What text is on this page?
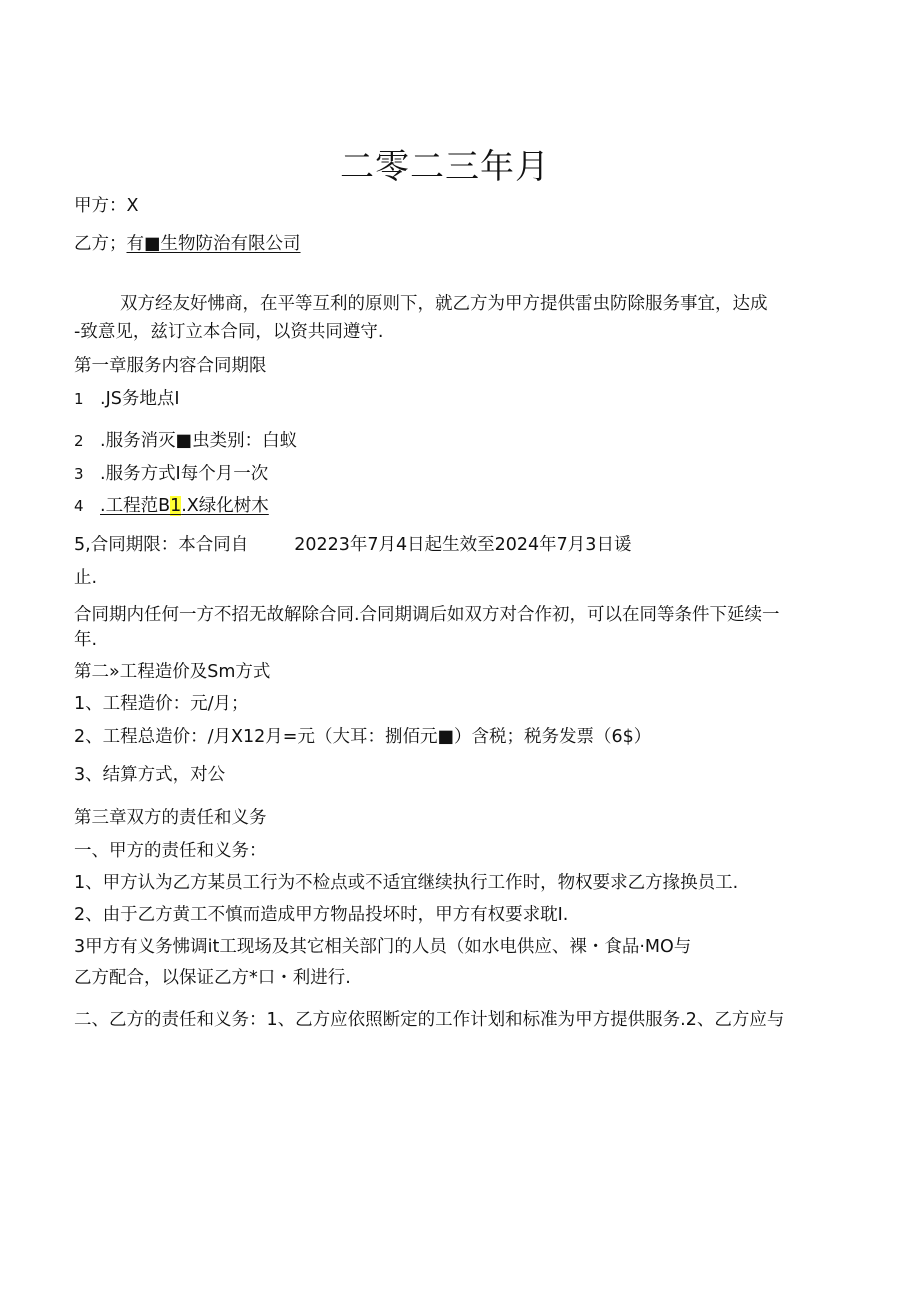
二零二三年月
甲方：X
乙方；有■生物防治有限公司
双方经友好怫商，在平等互利的原则下，就乙方为甲方提供雷虫防除服务事宜，达成
-致意见，兹订立本合同，以资共同遵守.
第一章服务内容合同期限
1 .JS务地点I
2 .服务消灭■虫类别：白蚁
3 .服务方式I每个月一次
4 .工程范B1.X绿化树木
5,合同期限：本合同自	20223年7月4日起生效至2024年7月3日谖
止.
合同期内任何一方不招无故解除合同.合同期调后如双方对合作初，可以在同等条件下延续一
年.
第二»工程造价及Sm方式
1、工程造价：元/月；
2、工程总造价：/月X12月=元（大耳：捌佰元■）含税；税务发票（6$）
3、结算方式，对公
第三章双方的责任和义务
一、甲方的责任和义务：
1、甲方认为乙方某员工行为不检点或不适宜继续执行工作时，物权要求乙方掾换员工.
2、由于乙方黄工不慎而造成甲方物品投坏时，甲方有权要求耽I.
3甲方有义务怫调it工现场及其它相关部门的人员（如水电供应、裸・食品·MO与
乙方配合，以保证乙方*口・利进行.
二、乙方的责任和义务：1、乙方应依照断定的工作计划和标准为甲方提供服务.2、乙方应与
